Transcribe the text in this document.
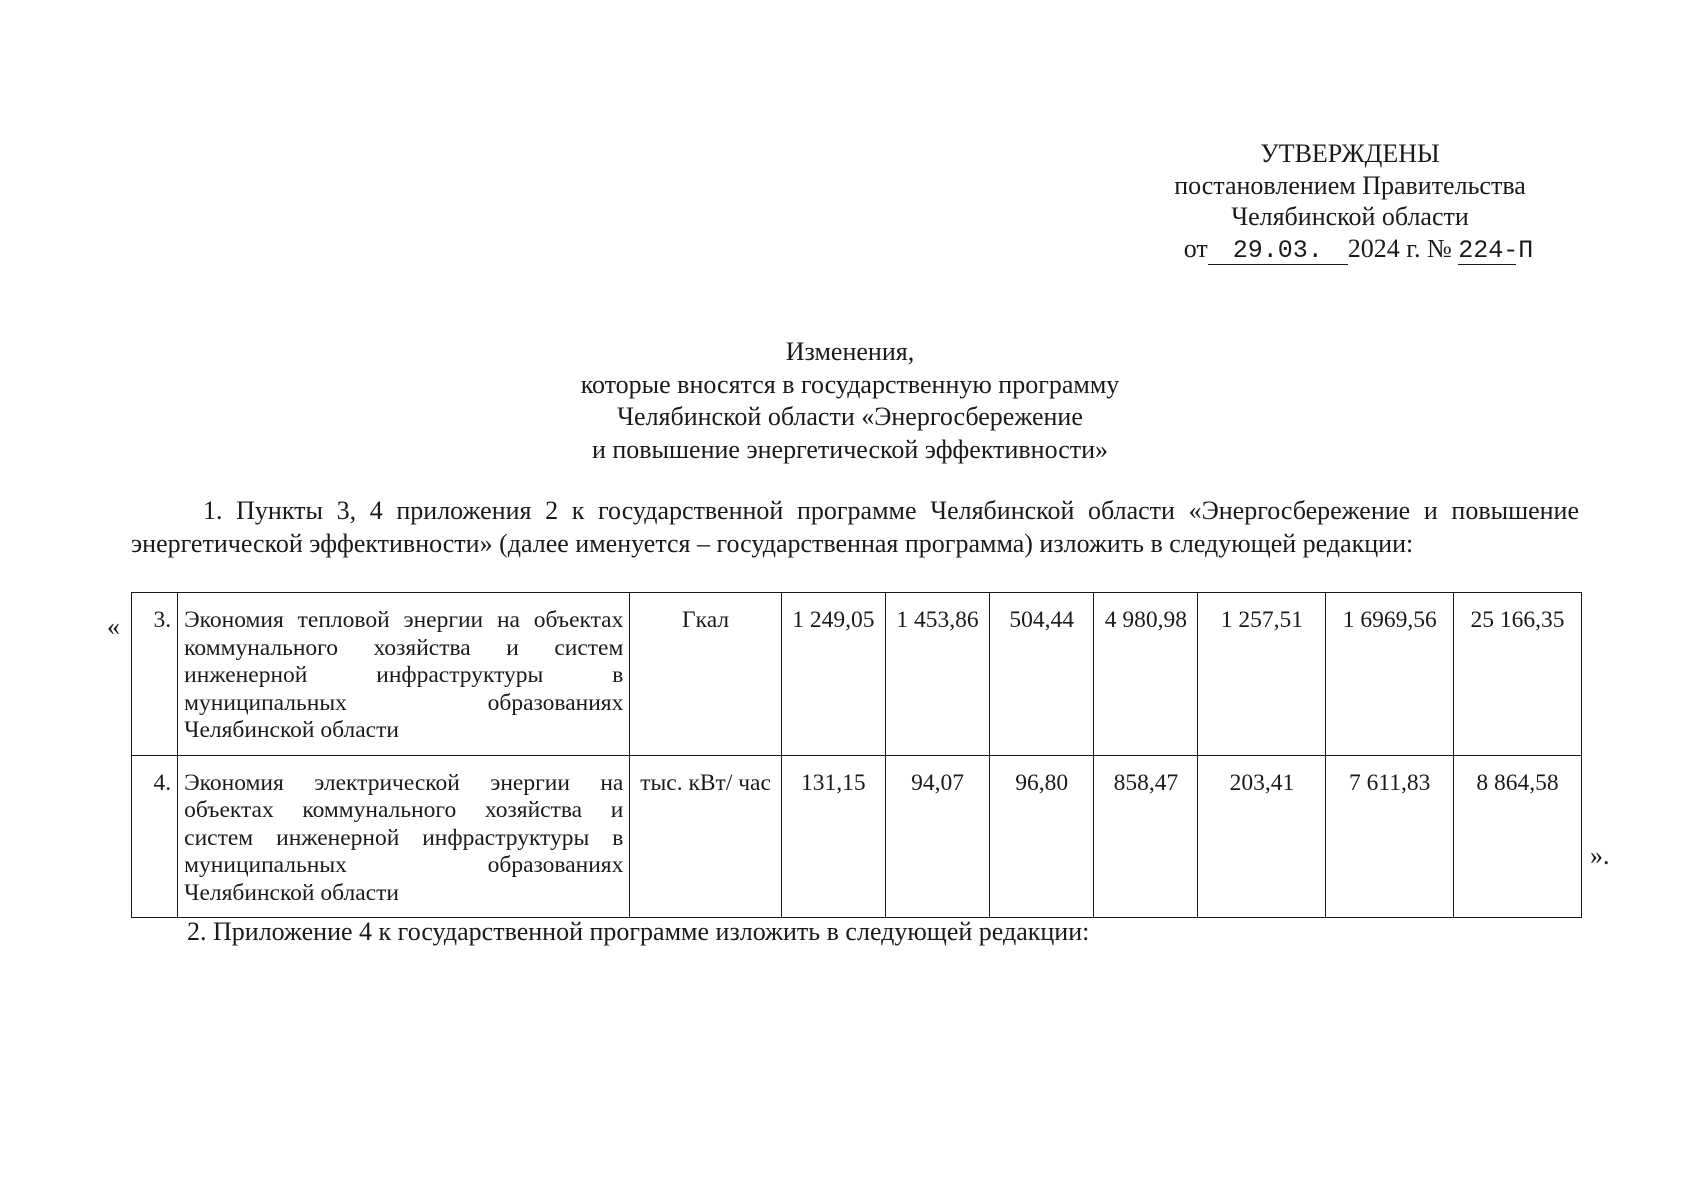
УТВЕРЖДЕНЫ
постановлением Правительства
Челябинской области
от 29.03. 2024 г. № 224-П
Изменения,
которые вносятся в государственную программу
Челябинской области «Энергосбережение
и повышение энергетической эффективности»
1. Пункты 3, 4 приложения 2 к государственной программе Челябинской области «Энергосбережение и повышение энергетической эффективности» (далее именуется – государственная программа) изложить в следующей редакции:
« 3.	Экономия тепловой энергии на объектах коммунального хозяйства и систем инженерной инфраструктуры в муниципальных образованиях Челябинской области	Гкал	1 249,05	1 453,86	504,44	4 980,98	1 257,51	1 6969,56	25 166,35
4.	Экономия электрической энергии на объектах коммунального хозяйства и систем инженерной инфраструктуры в муниципальных образованиях Челябинской области	тыс. кВт/ час	131,15	94,07	96,80	858,47	203,41	7 611,83	8 864,58
».
2. Приложение 4 к государственной программе изложить в следующей редакции:
